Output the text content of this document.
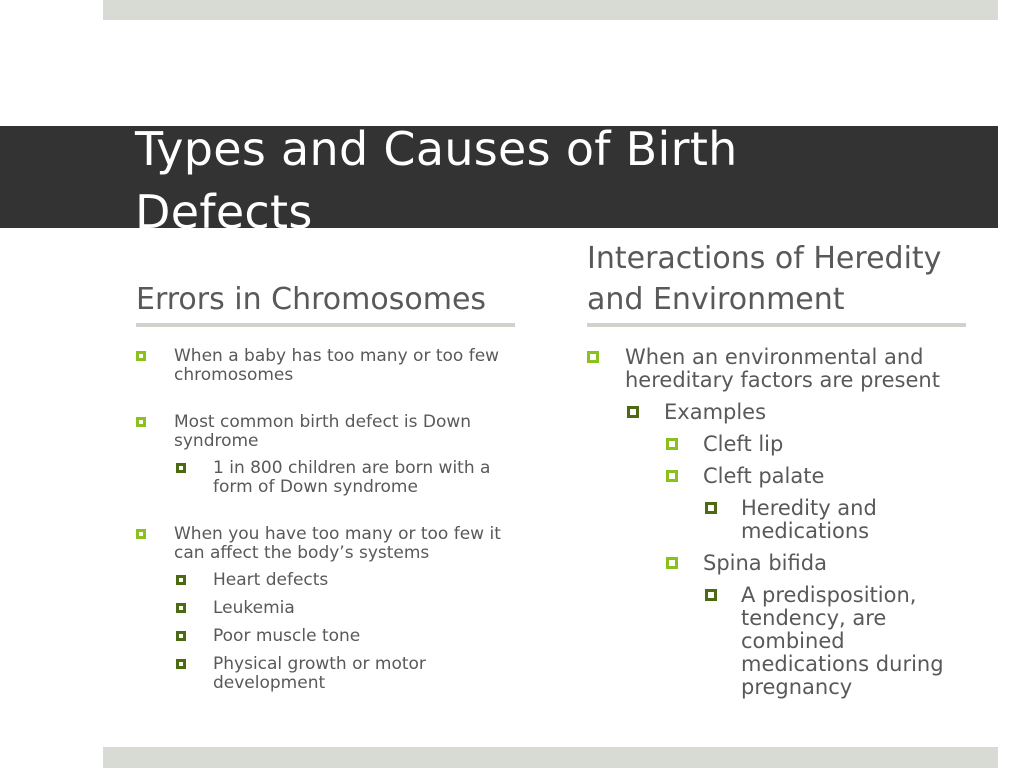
Types and Causes of Birth Defects
Errors in Chromosomes
Interactions of Heredity and Environment
When a baby has too many or too few chromosomes
Most common birth defect is Down syndrome
1 in 800 children are born with a form of Down syndrome
When you have too many or too few it can affect the body’s systems
Heart defects
Leukemia
Poor muscle tone
Physical growth or motor development
When an environmental and hereditary factors are present
Examples
Cleft lip
Cleft palate
Heredity and medications
Spina bifida
A predisposition, tendency, are combined medications during pregnancy
